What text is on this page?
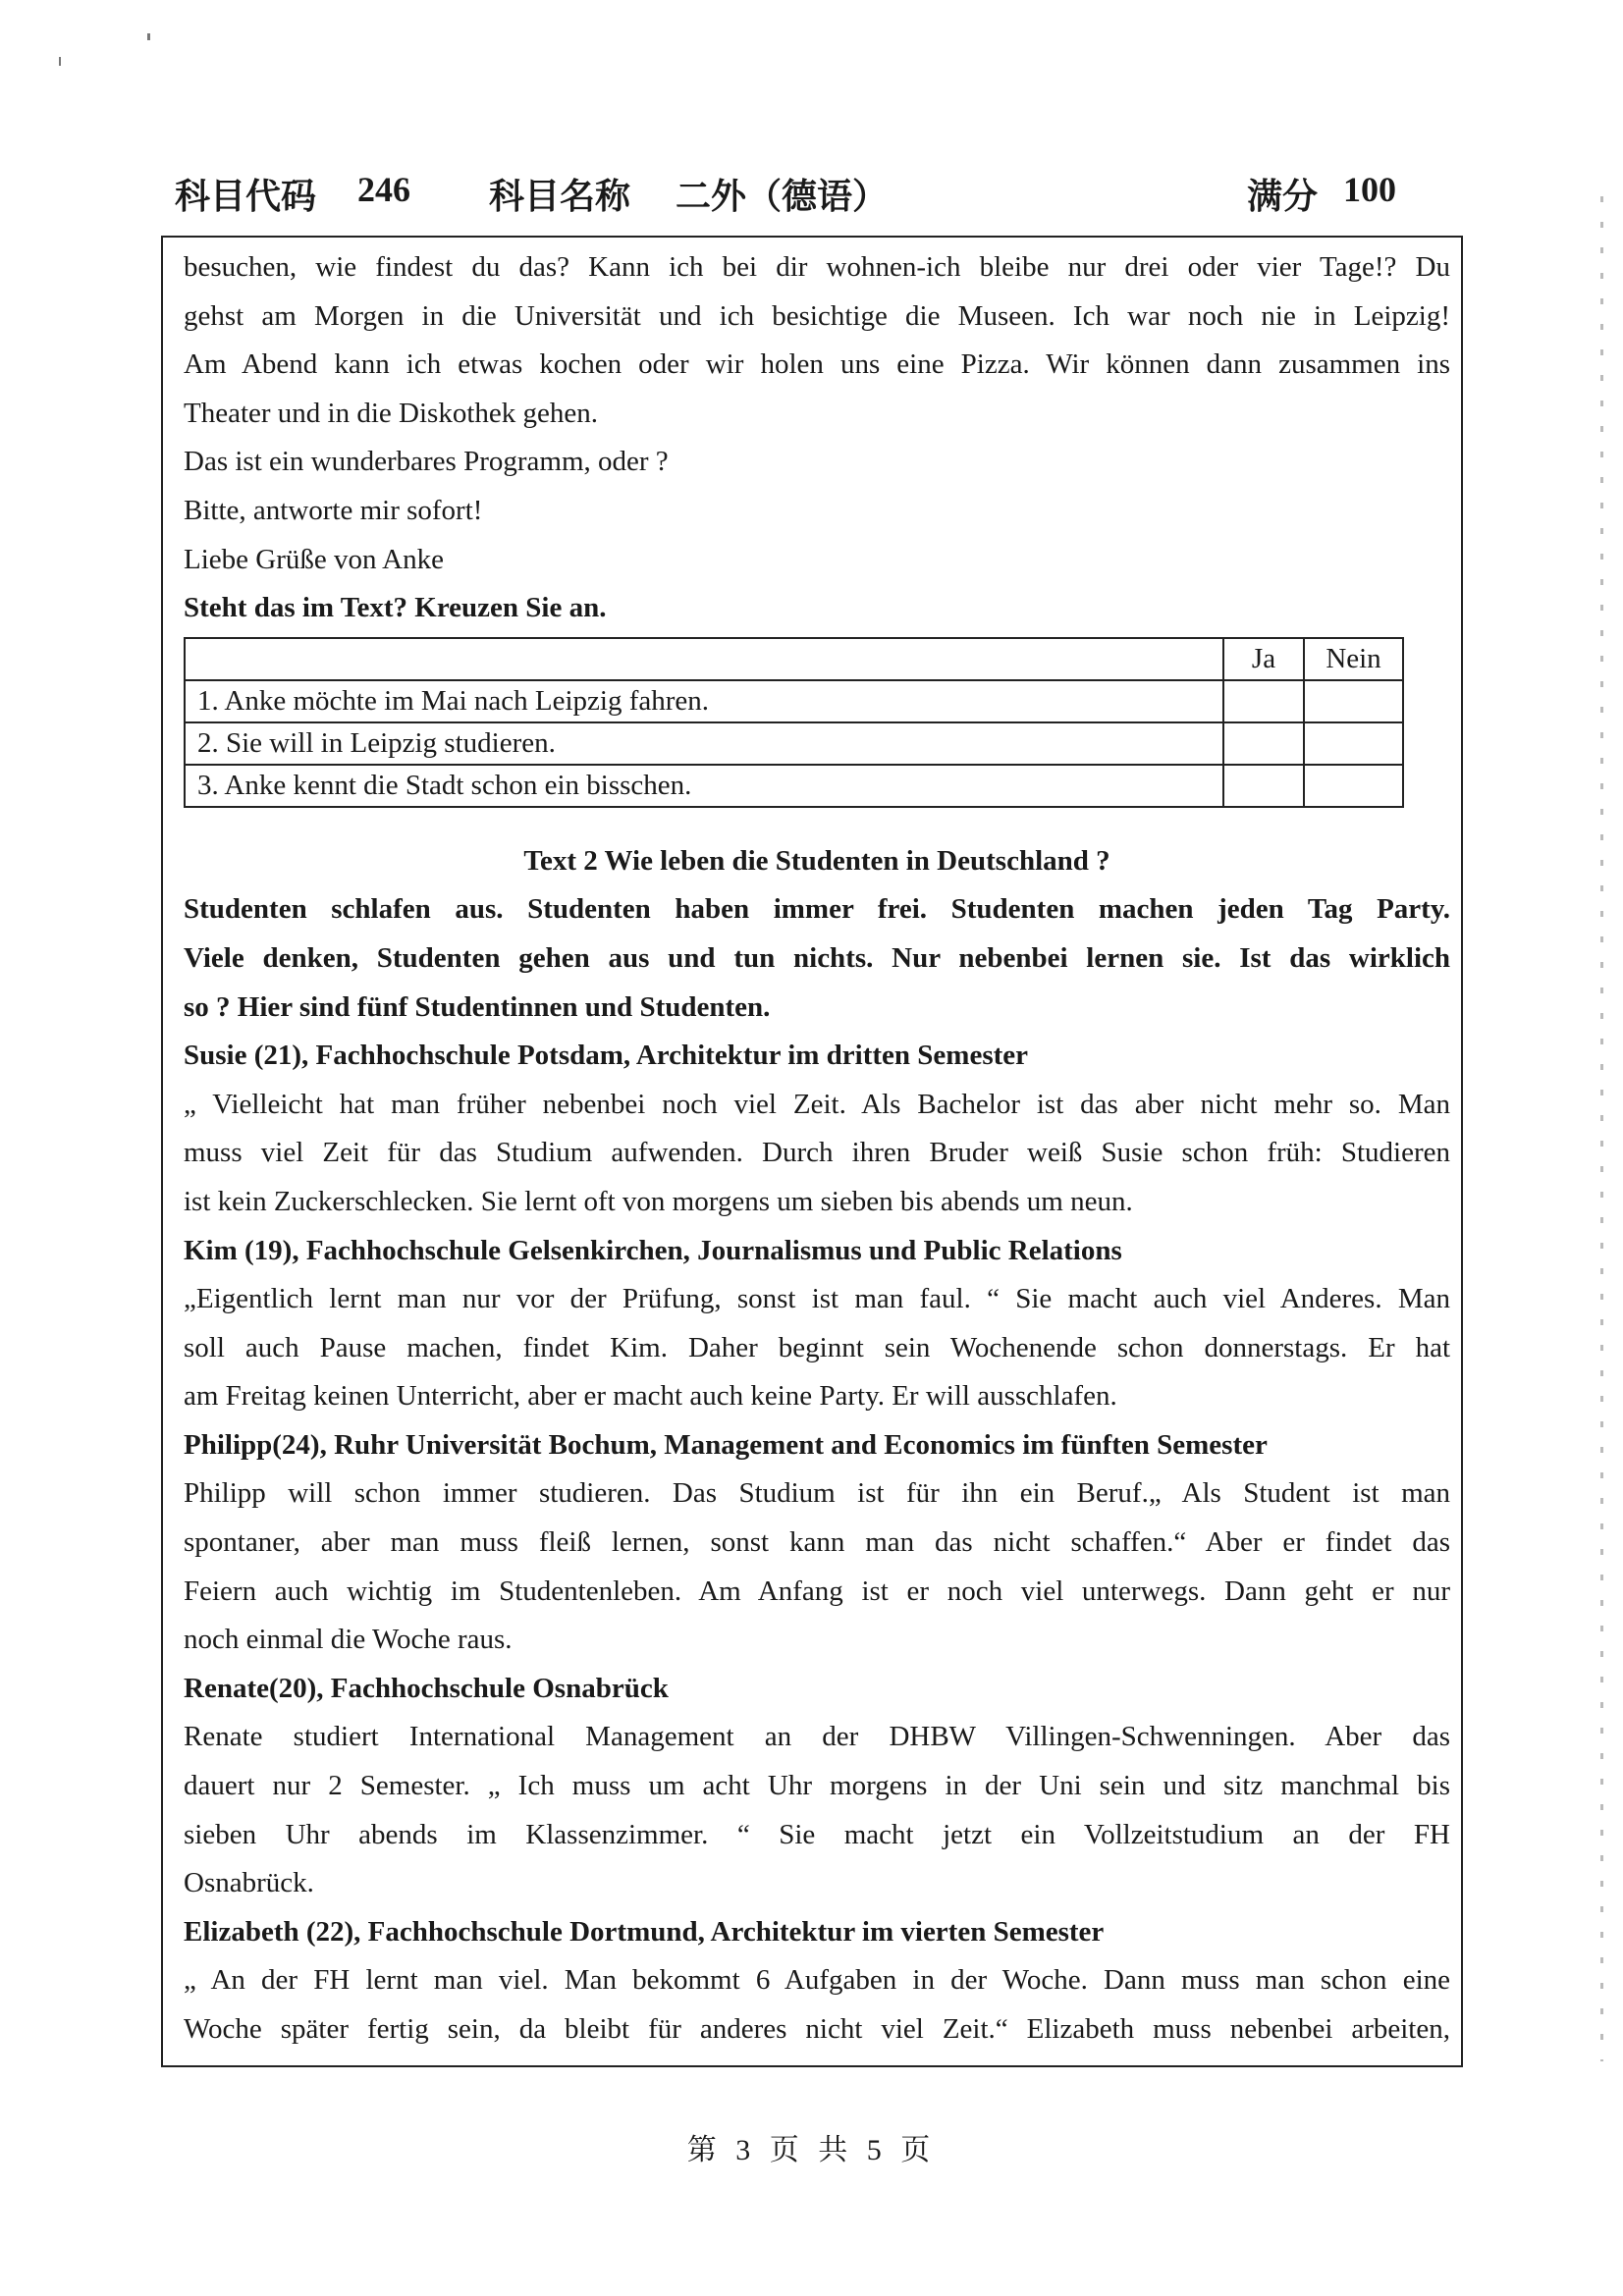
科目代码 246 科目名称 二外（德语）	满分 100
besuchen, wie findest du das? Kann ich bei dir wohnen-ich bleibe nur drei oder vier Tage!? Du
gehst am Morgen in die Universität und ich besichtige die Museen. Ich war noch nie in Leipzig!
Am Abend kann ich etwas kochen oder wir holen uns eine Pizza. Wir können dann zusammen ins
Theater und in die Diskothek gehen.
Das ist ein wunderbares Programm, oder ?
Bitte, antworte mir sofort!
Liebe Grüße von Anke
Steht das im Text? Kreuzen Sie an.
	Ja	Nein
1. Anke möchte im Mai nach Leipzig fahren.		
2. Sie will in Leipzig studieren.		
3. Anke kennt die Stadt schon ein bisschen.		
Text 2 Wie leben die Studenten in Deutschland ?
Studenten schlafen aus. Studenten haben immer frei. Studenten machen jeden Tag Party.
Viele denken, Studenten gehen aus und tun nichts. Nur nebenbei lernen sie. Ist das wirklich
so ? Hier sind fünf Studentinnen und Studenten.
Susie (21), Fachhochschule Potsdam, Architektur im dritten Semester
„ Vielleicht hat man früher nebenbei noch viel Zeit. Als Bachelor ist das aber nicht mehr so. Man
muss viel Zeit für das Studium aufwenden. Durch ihren Bruder weiß Susie schon früh: Studieren
ist kein Zuckerschlecken. Sie lernt oft von morgens um sieben bis abends um neun.
Kim (19), Fachhochschule Gelsenkirchen, Journalismus und Public Relations
„Eigentlich lernt man nur vor der Prüfung, sonst ist man faul. “ Sie macht auch viel Anderes. Man
soll auch Pause machen, findet Kim. Daher beginnt sein Wochenende schon donnerstags. Er hat
am Freitag keinen Unterricht, aber er macht auch keine Party. Er will ausschlafen.
Philipp(24), Ruhr Universität Bochum, Management and Economics im fünften Semester
Philipp will schon immer studieren. Das Studium ist für ihn ein Beruf.„ Als Student ist man
spontaner, aber man muss fleiß lernen, sonst kann man das nicht schaffen.“ Aber er findet das
Feiern auch wichtig im Studentenleben. Am Anfang ist er noch viel unterwegs. Dann geht er nur
noch einmal die Woche raus.
Renate(20), Fachhochschule Osnabrück
Renate studiert International Management an der DHBW Villingen-Schwenningen. Aber das
dauert nur 2 Semester. „ Ich muss um acht Uhr morgens in der Uni sein und sitz manchmal bis
sieben Uhr abends im Klassenzimmer. “ Sie macht jetzt ein Vollzeitstudium an der FH
Osnabrück.
Elizabeth (22), Fachhochschule Dortmund, Architektur im vierten Semester
„ An der FH lernt man viel. Man bekommt 6 Aufgaben in der Woche. Dann muss man schon eine
Woche später fertig sein, da bleibt für anderes nicht viel Zeit.“ Elizabeth muss nebenbei arbeiten,
第 3 页 共 5 页
